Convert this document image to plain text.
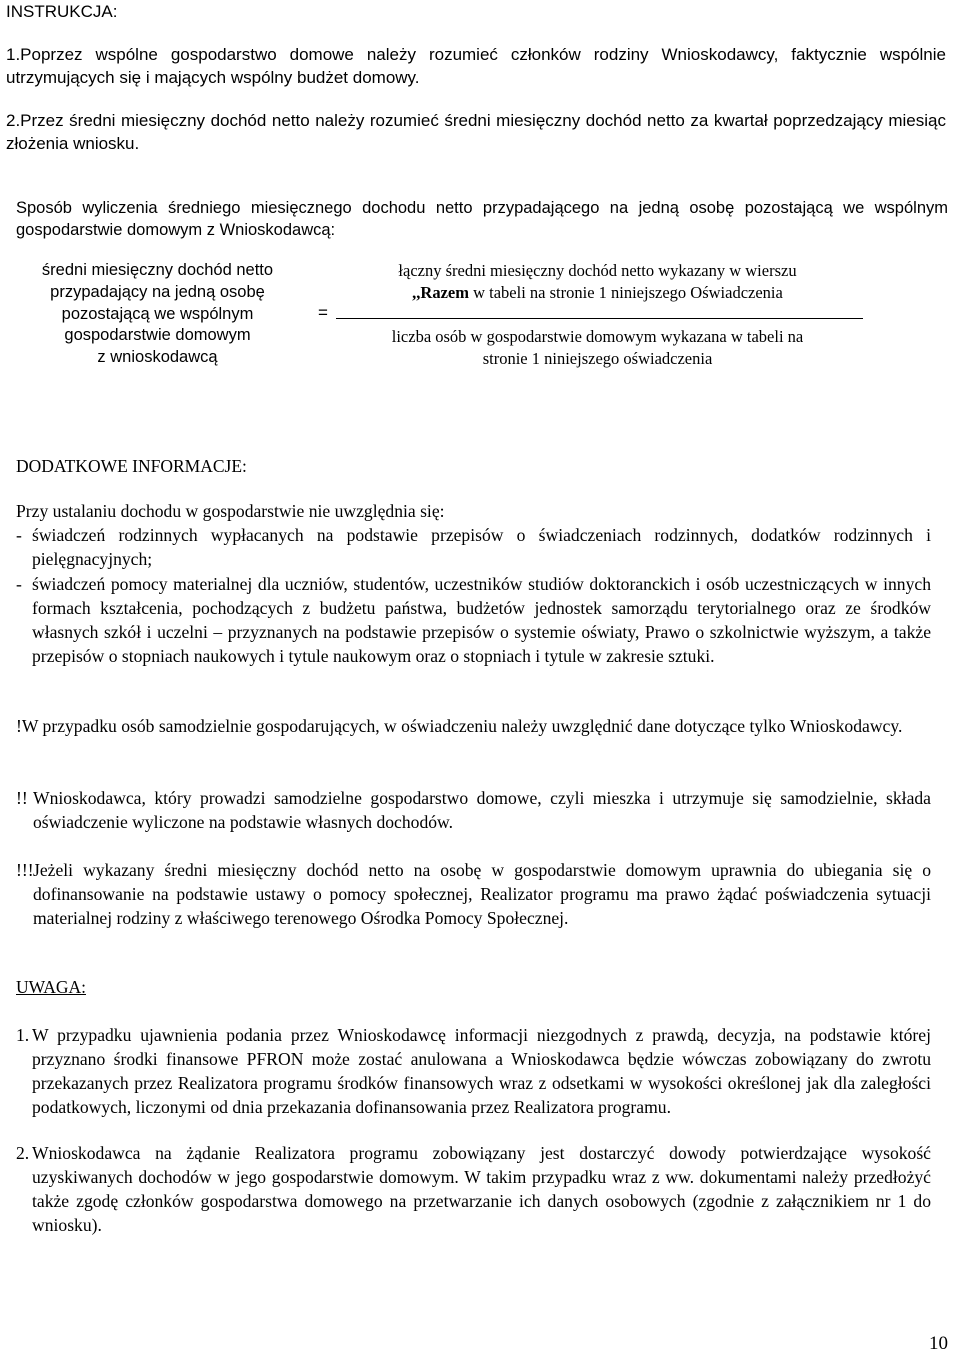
INSTRUKCJA:
1.Poprzez wspólne gospodarstwo domowe należy rozumieć członków rodziny Wnioskodawcy, faktycznie wspólnie utrzymujących się i mających wspólny budżet domowy.
2.Przez średni miesięczny dochód netto należy rozumieć średni miesięczny dochód netto za kwartał poprzedzający miesiąc złożenia wniosku.
Sposób wyliczenia średniego miesięcznego dochodu netto przypadającego na jedną osobę pozostającą we wspólnym gospodarstwie domowym z Wnioskodawcą:
średni miesięczny dochód netto
przypadający na jedną osobę
pozostającą we wspólnym
gospodarstwie domowym
z wnioskodawcą
=
łączny średni miesięczny dochód netto wykazany w wierszu
,,Razem w tabeli na stronie 1 niniejszego Oświadczenia
liczba osób w gospodarstwie domowym wykazana w tabeli na
stronie 1 niniejszego oświadczenia
DODATKOWE INFORMACJE:
Przy ustalaniu dochodu w gospodarstwie nie uwzględnia się:
- świadczeń rodzinnych wypłacanych na podstawie przepisów o świadczeniach rodzinnych, dodatków rodzinnych i pielęgnacyjnych;
- świadczeń pomocy materialnej dla uczniów, studentów, uczestników studiów doktoranckich i osób uczestniczących w innych formach kształcenia, pochodzących z budżetu państwa, budżetów jednostek samorządu terytorialnego oraz ze środków własnych szkół i uczelni – przyznanych na podstawie przepisów o systemie oświaty, Prawo o szkolnictwie wyższym, a także przepisów o stopniach naukowych i tytule naukowym oraz o stopniach i tytule w zakresie sztuki.
!W przypadku osób samodzielnie gospodarujących, w oświadczeniu należy uwzględnić dane dotyczące tylko Wnioskodawcy.
!! Wnioskodawca, który prowadzi samodzielne gospodarstwo domowe, czyli mieszka i utrzymuje się samodzielnie, składa oświadczenie wyliczone na podstawie własnych dochodów.
!!! Jeżeli wykazany średni miesięczny dochód netto na osobę w gospodarstwie domowym uprawnia do ubiegania się o dofinansowanie na podstawie ustawy o pomocy społecznej, Realizator programu ma prawo żądać poświadczenia sytuacji materialnej rodziny z właściwego terenowego Ośrodka Pomocy Społecznej.
UWAGA:
1. W przypadku ujawnienia podania przez Wnioskodawcę informacji niezgodnych z prawdą, decyzja, na podstawie której przyznano środki finansowe PFRON może zostać anulowana a Wnioskodawca będzie wówczas zobowiązany do zwrotu przekazanych przez Realizatora programu środków finansowych wraz z odsetkami w wysokości określonej jak dla zaległości podatkowych, liczonymi od dnia przekazania dofinansowania przez Realizatora programu.
2. Wnioskodawca na żądanie Realizatora programu zobowiązany jest dostarczyć dowody potwierdzające wysokość uzyskiwanych dochodów w jego gospodarstwie domowym. W takim przypadku wraz z ww. dokumentami należy przedłożyć także zgodę członków gospodarstwa domowego na przetwarzanie ich danych osobowych (zgodnie z załącznikiem nr 1 do wniosku).
10
